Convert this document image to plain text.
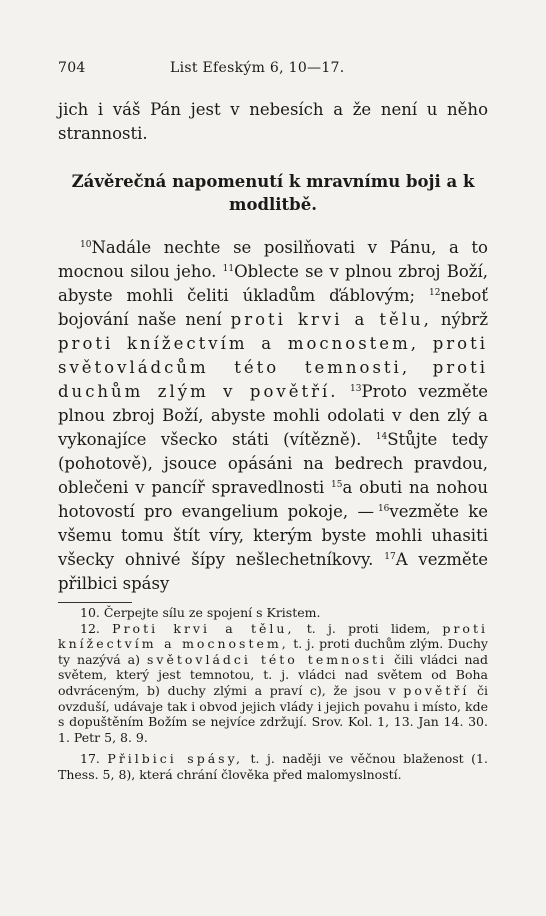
704	List Efeským 6, 10—17.
jich i váš Pán jest v nebesích a že není u něho strannosti.
Závěrečná napomenutí k mravnímu boji a k modlitbě.
$^{10}$Nadále nechte se posilňovati v Pánu, a to mocnou silou jeho. $^{11}$Oblecte se v plnou zbroj Boží, abyste mohli čeliti úkladům ďáblovým; $^{12}$neboť bojování naše není proti krvi a tělu, nýbrž proti knížectvím a mocnostem, proti světovládcům této temnosti, proti duchům zlým v povětří. $^{13}$Proto vezměte plnou zbroj Boží, abyste mohli odolati v den zlý a vykonajíce všecko státi (vítězně). $^{14}$Stůjte tedy (pohotově), jsouce opásáni na bedrech pravdou, oblečeni v pancíř spravedlnosti $^{15}$a obuti na nohou hotovostí pro evangelium pokoje, — $^{16}$vezměte ke všemu tomu štít víry, kterým byste mohli uhasiti všecky ohnivé šípy nešlechetníkovy. $^{17}$A vezměte přilbici spásy

10. Čerpejte sílu ze spojení s Kristem.

12. Proti krvi a tělu, t. j. proti lidem, proti knížectvím a mocnostem, t. j. proti duchům zlým. Duchy ty nazývá a) světovládci této temnosti čili vládci nad světem, který jest temnotou, t. j. vládci nad světem od Boha odvráceným, b) duchy zlými a praví c), že jsou v povětří či ovzduší, udávaje tak i obvod jejich vlády i jejich povahu i místo, kde s dopuštěním Božím se nejvíce zdržují. Srov. Kol. 1, 13. Jan 14. 30. 1. Petr 5, 8. 9.

17. Přilbici spásy, t. j. naději ve věčnou blaženost (1. Thess. 5, 8), která chrání člověka před malomyslností.
